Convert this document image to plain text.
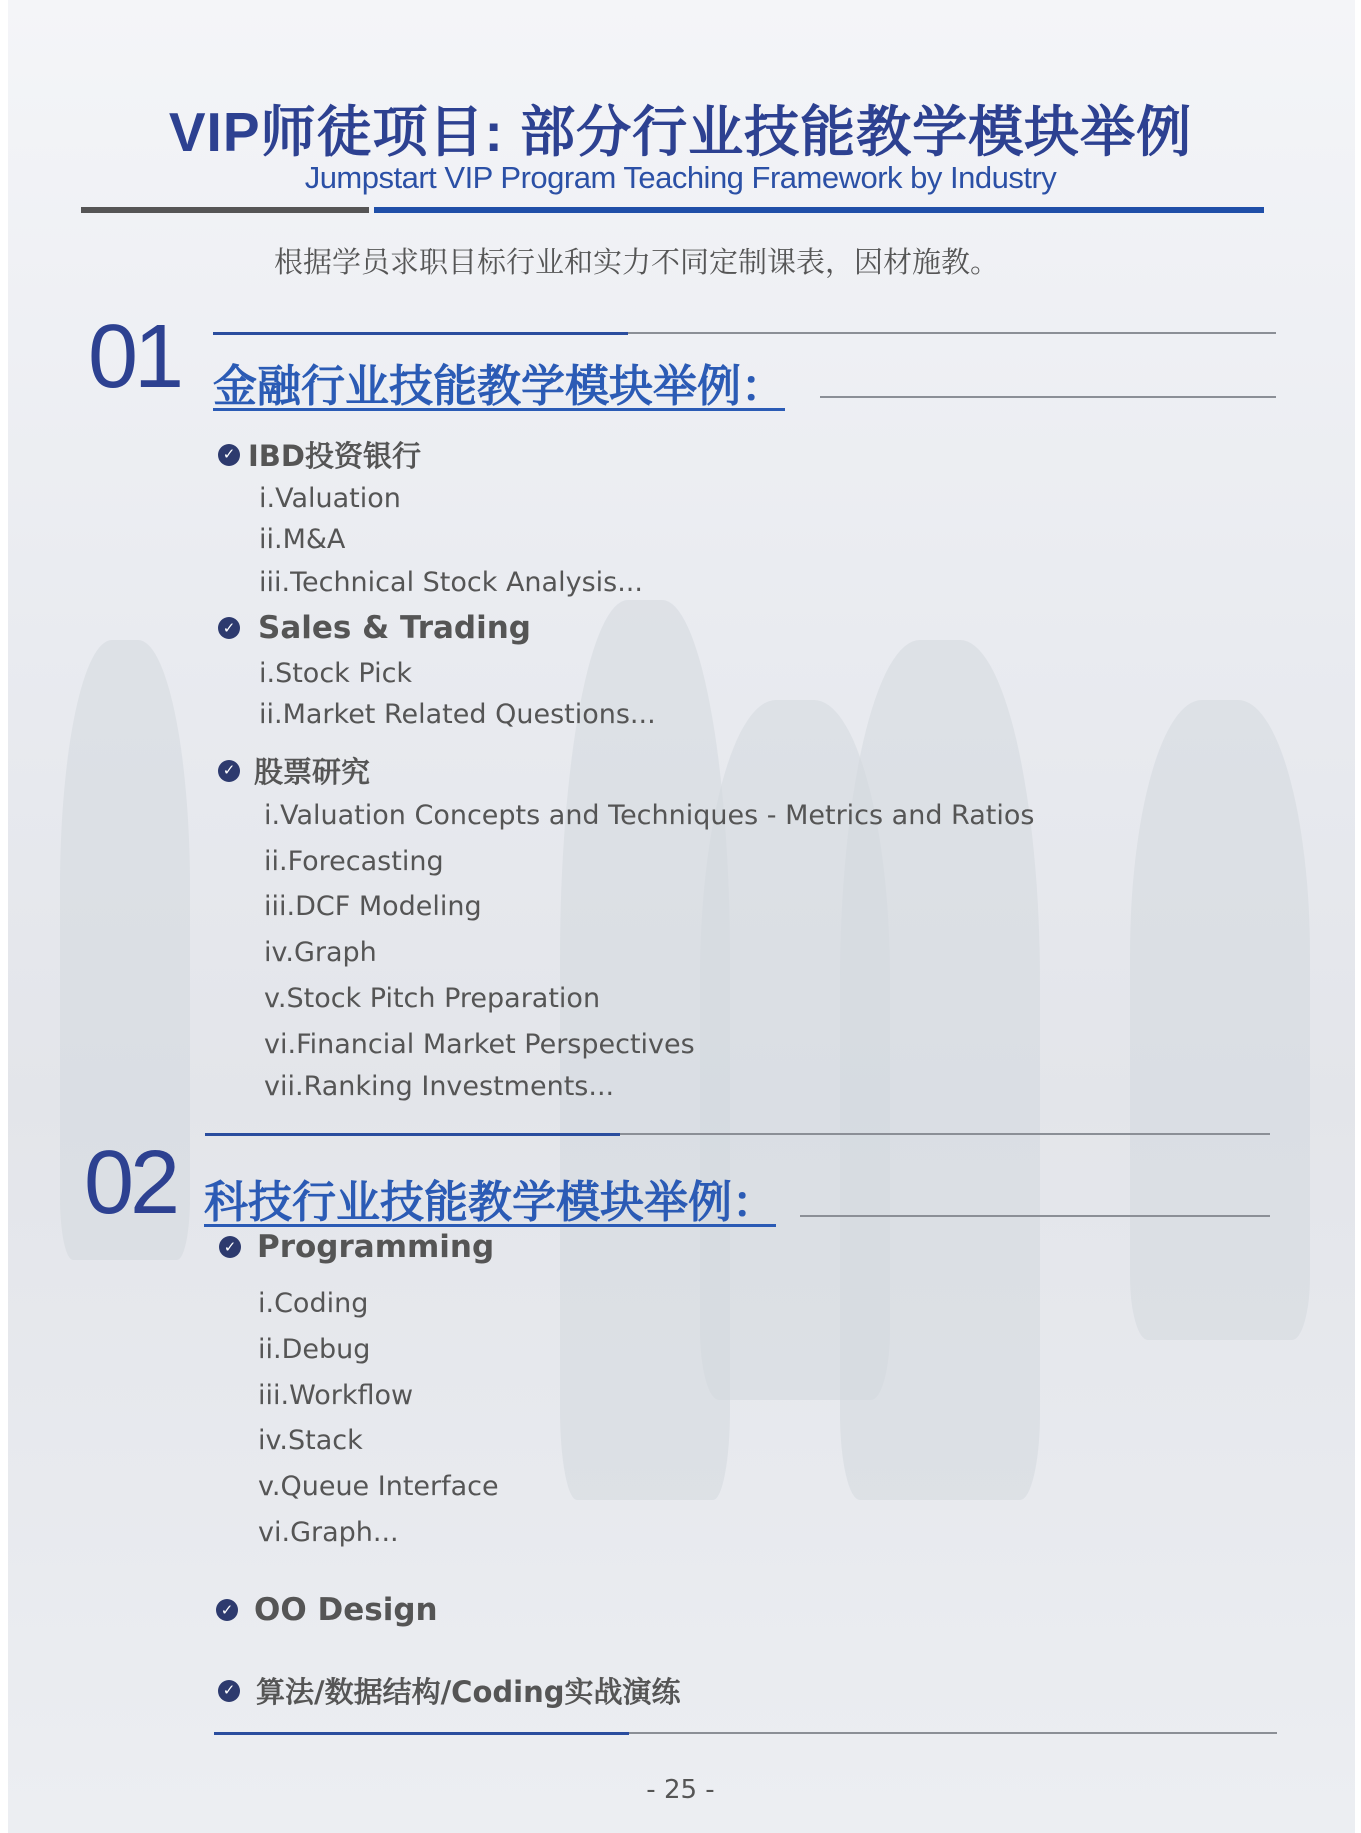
VIP师徒项目: 部分行业技能教学模块举例
Jumpstart VIP Program Teaching Framework by Industry
根据学员求职目标行业和实力不同定制课表，因材施教。
01 金融行业技能教学模块举例：
✓ IBD投资银行
i.Valuation
ii.M&A
iii.Technical Stock Analysis...
✓ Sales & Trading
i.Stock Pick
ii.Market Related Questions...
✓ 股票研究
i.Valuation Concepts and Techniques - Metrics and Ratios
ii.Forecasting
iii.DCF Modeling
iv.Graph
v.Stock Pitch Preparation
vi.Financial Market Perspectives
vii.Ranking Investments...
02 科技行业技能教学模块举例：
✓ Programming
i.Coding
ii.Debug
iii.Workflow
iv.Stack
v.Queue Interface
vi.Graph...
✓ OO Design
✓ 算法/数据结构/Coding实战演练
- 25 -
